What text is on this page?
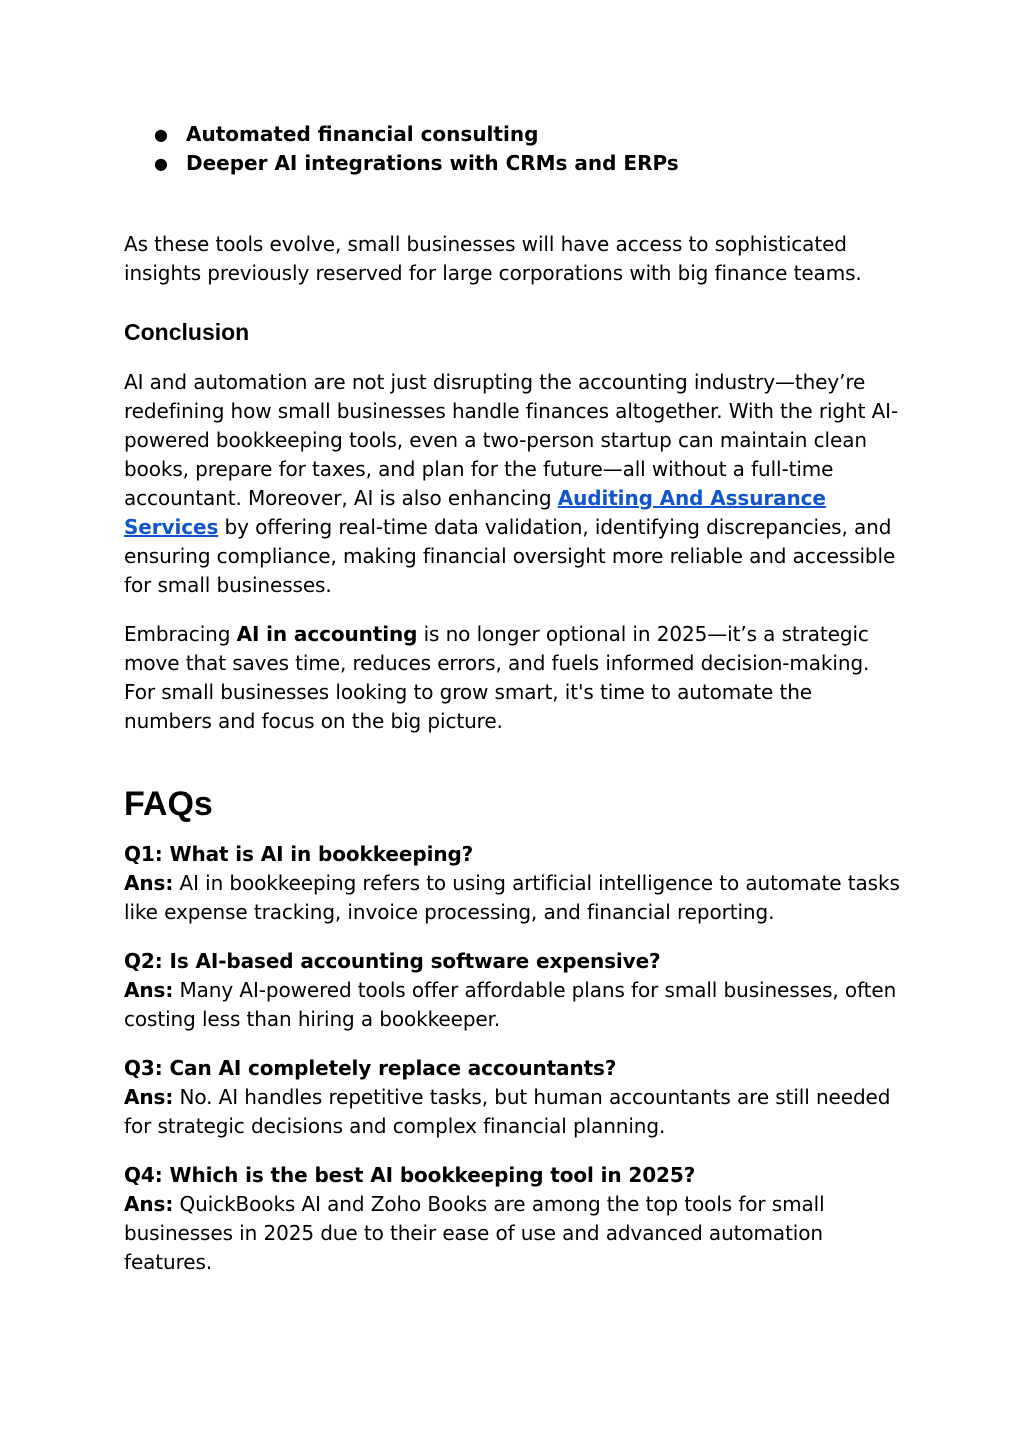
● Automated financial consulting
● Deeper AI integrations with CRMs and ERPs

As these tools evolve, small businesses will have access to sophisticated insights previously reserved for large corporations with big finance teams.

Conclusion

AI and automation are not just disrupting the accounting industry—they’re redefining how small businesses handle finances altogether. With the right AI-powered bookkeeping tools, even a two-person startup can maintain clean books, prepare for taxes, and plan for the future—all without a full-time accountant. Moreover, AI is also enhancing Auditing And Assurance Services by offering real-time data validation, identifying discrepancies, and ensuring compliance, making financial oversight more reliable and accessible for small businesses.

Embracing AI in accounting is no longer optional in 2025—it’s a strategic move that saves time, reduces errors, and fuels informed decision-making. For small businesses looking to grow smart, it's time to automate the numbers and focus on the big picture.

FAQs

Q1: What is AI in bookkeeping?

Ans: AI in bookkeeping refers to using artificial intelligence to automate tasks like expense tracking, invoice processing, and financial reporting.

Q2: Is AI-based accounting software expensive?

Ans: Many AI-powered tools offer affordable plans for small businesses, often costing less than hiring a bookkeeper.

Q3: Can AI completely replace accountants?

Ans: No. AI handles repetitive tasks, but human accountants are still needed for strategic decisions and complex financial planning.

Q4: Which is the best AI bookkeeping tool in 2025?

Ans: QuickBooks AI and Zoho Books are among the top tools for small businesses in 2025 due to their ease of use and advanced automation features.
